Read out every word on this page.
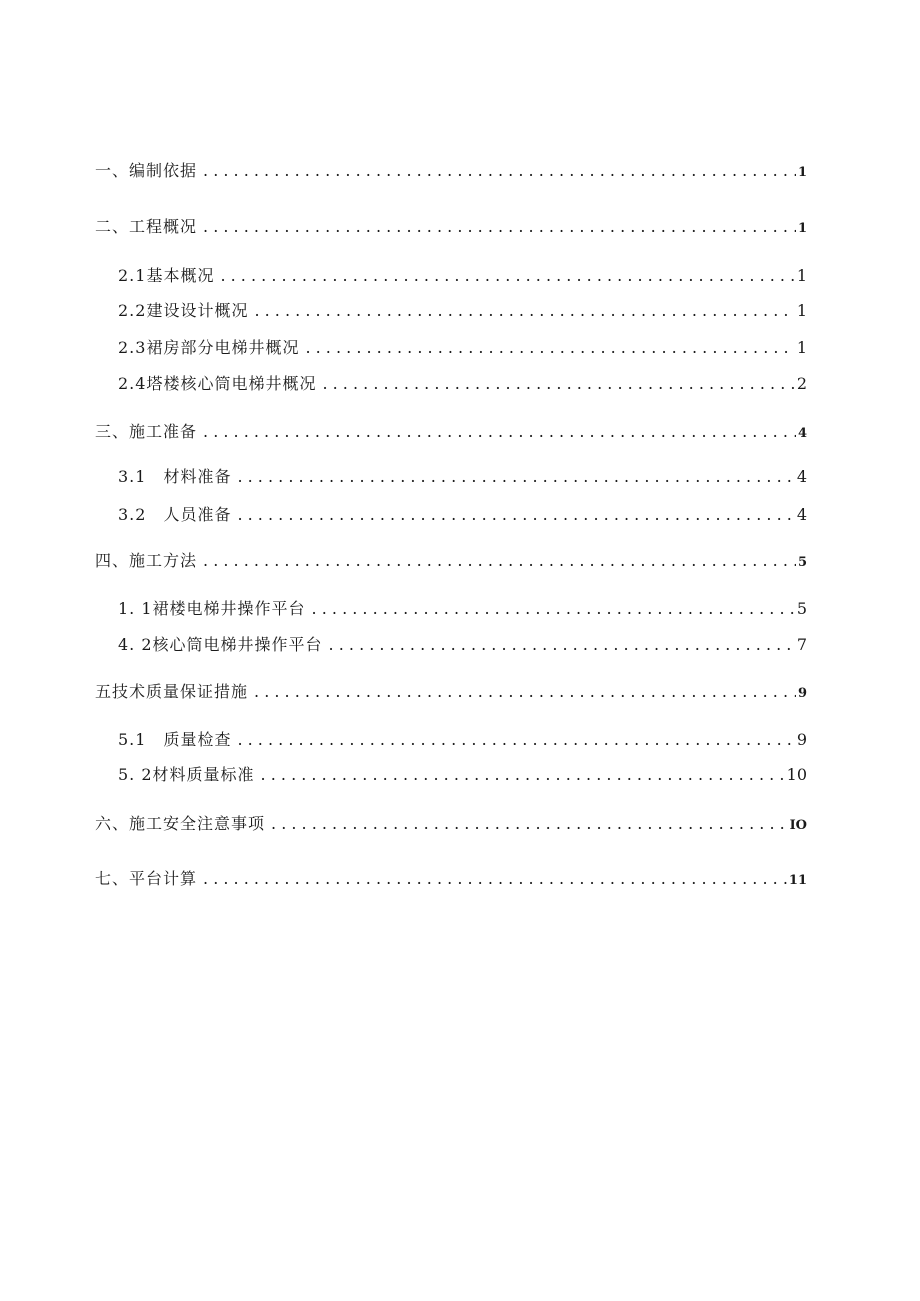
一、编制依据 . . .	1
二、工程概况 . . .	1
2.1基本概况 . . .	1
2.2建设设计概况 . . .	1
2.3裙房部分电梯井概况 . . .	1
2.4塔楼核心筒电梯井概况 . . .	2
三、施工准备 . . .	4
3.1　材料准备 . . .	4
3.2　人员准备 . . .	4
四、施工方法 . . .	5
1. 1裙楼电梯井操作平台 . . .	5
4. 2核心筒电梯井操作平台 . . .	7
五技术质量保证措施 . . .	9
5.1　质量检查 . . .	9
5. 2材料质量标准 . . .	10
六、施工安全注意事项 . . .	IO
七、平台计算 . . .	11
